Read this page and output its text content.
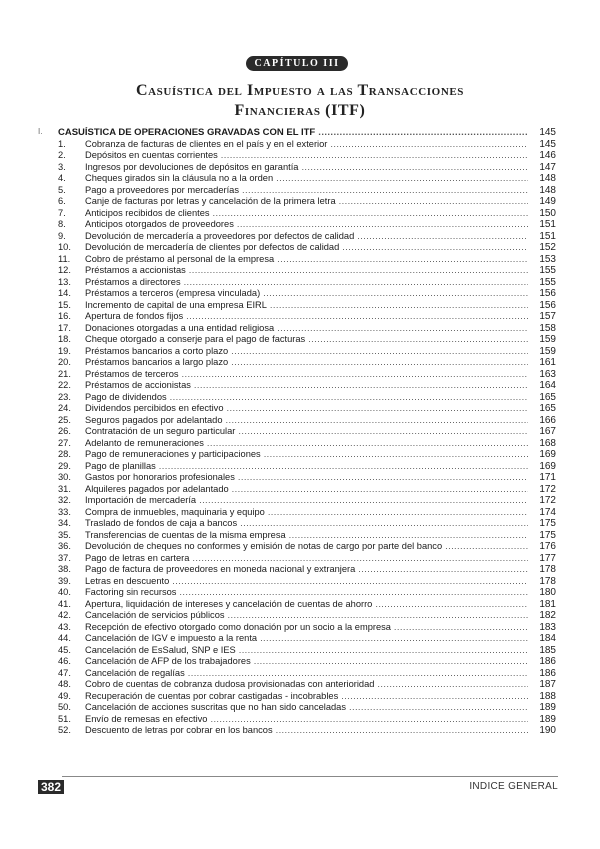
CAPÍTULO III
Casuística del Impuesto a las Transacciones
Financieras (ITF)
I. CASUÍSTICA DE OPERACIONES GRAVADAS CON EL ITF .....	145
1.	Cobranza de facturas de clientes en el país y en el exterior .....	145
2.	Depósitos en cuentas corrientes .....	146
3.	Ingresos por devoluciones de depósitos en garantía .....	147
4.	Cheques girados sin la cláusula no a la orden .....	148
5.	Pago a proveedores por mercaderías .....	148
6.	Canje de facturas por letras y cancelación de la primera letra .....	149
7.	Anticipos recibidos de clientes .....	150
8.	Anticipos otorgados de proveedores .....	151
9.	Devolución de mercadería a proveedores por defectos de calidad .....	151
10.	Devolución de mercadería de clientes por defectos de calidad .....	152
11.	Cobro de préstamo al personal de la empresa .....	153
12.	Préstamos a accionistas .....	155
13.	Préstamos a directores .....	155
14.	Préstamos a terceros (empresa vinculada) .....	156
15.	Incremento de capital de una empresa EIRL .....	156
16.	Apertura de fondos fijos .....	157
17.	Donaciones otorgadas a una entidad religiosa .....	158
18.	Cheque otorgado a conserje para el pago de facturas .....	159
19.	Préstamos bancarios a corto plazo .....	159
20.	Préstamos bancarios a largo plazo .....	161
21.	Préstamos de terceros .....	163
22.	Préstamos de accionistas .....	164
23.	Pago de dividendos .....	165
24.	Dividendos percibidos en efectivo .....	165
25.	Seguros pagados por adelantado .....	166
26.	Contratación de un seguro particular .....	167
27.	Adelanto de remuneraciones .....	168
28.	Pago de remuneraciones y participaciones .....	169
29.	Pago de planillas .....	169
30.	Gastos por honorarios profesionales .....	171
31.	Alquileres pagados por adelantado .....	172
32.	Importación de mercadería .....	172
33.	Compra de inmuebles, maquinaria y equipo .....	174
34.	Traslado de fondos de caja a bancos .....	175
35.	Transferencias de cuentas de la misma empresa .....	175
36.	Devolución de cheques no conformes y emisión de notas de cargo por parte del banco .....	176
37.	Pago de letras en cartera .....	177
38.	Pago de factura de proveedores en moneda nacional y extranjera .....	178
39.	Letras en descuento .....	178
40.	Factoring sin recursos .....	180
41.	Apertura, liquidación de intereses y cancelación de cuentas de ahorro .....	181
42.	Cancelación de servicios públicos .....	182
43.	Recepción de efectivo otorgado como donación por un socio a la empresa .....	183
44.	Cancelación de IGV e impuesto a la renta .....	184
45.	Cancelación de EsSalud, SNP e IES .....	185
46.	Cancelación de AFP de los trabajadores .....	186
47.	Cancelación de regalías .....	186
48.	Cobro de cuentas de cobranza dudosa provisionadas con anterioridad .....	187
49.	Recuperación de cuentas por cobrar castigadas - incobrables .....	188
50.	Cancelación de acciones suscritas que no han sido canceladas .....	189
51.	Envío de remesas en efectivo .....	189
52.	Descuento de letras por cobrar en los bancos .....	190
382	INDICE GENERAL
